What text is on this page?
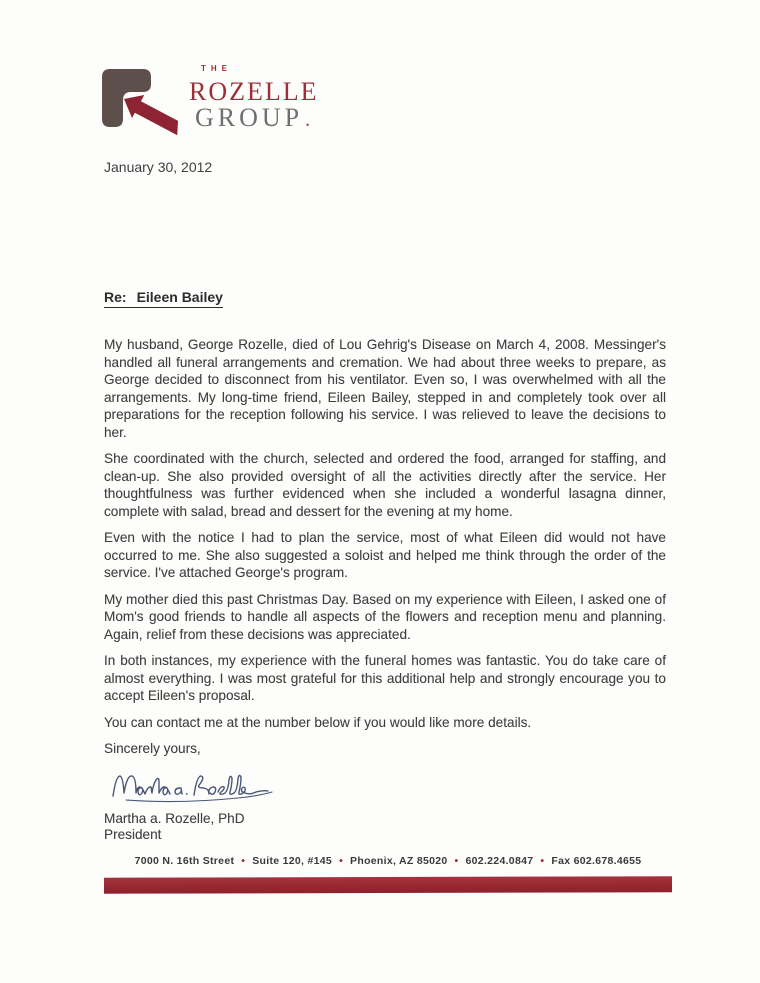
THE
ROZELLE
GROUP .
January 30, 2012
Re: Eileen Bailey

My husband, George Rozelle, died of Lou Gehrig's Disease on March 4, 2008. Messinger's handled all funeral arrangements and cremation. We had about three weeks to prepare, as George decided to disconnect from his ventilator. Even so, I was overwhelmed with all the arrangements. My long-time friend, Eileen Bailey, stepped in and completely took over all preparations for the reception following his service. I was relieved to leave the decisions to her.

She coordinated with the church, selected and ordered the food, arranged for staffing, and clean-up. She also provided oversight of all the activities directly after the service. Her thoughtfulness was further evidenced when she included a wonderful lasagna dinner, complete with salad, bread and dessert for the evening at my home.

Even with the notice I had to plan the service, most of what Eileen did would not have occurred to me. She also suggested a soloist and helped me think through the order of the service. I've attached George's program.

My mother died this past Christmas Day. Based on my experience with Eileen, I asked one of Mom's good friends to handle all aspects of the flowers and reception menu and planning. Again, relief from these decisions was appreciated.

In both instances, my experience with the funeral homes was fantastic. You do take care of almost everything. I was most grateful for this additional help and strongly encourage you to accept Eileen's proposal.

You can contact me at the number below if you would like more details.

Sincerely yours,

Martha a. Rozelle, PhD
President
7000 N. 16th Street • Suite 120, #145 • Phoenix, AZ 85020 • 602.224.0847 • Fax 602.678.4655
